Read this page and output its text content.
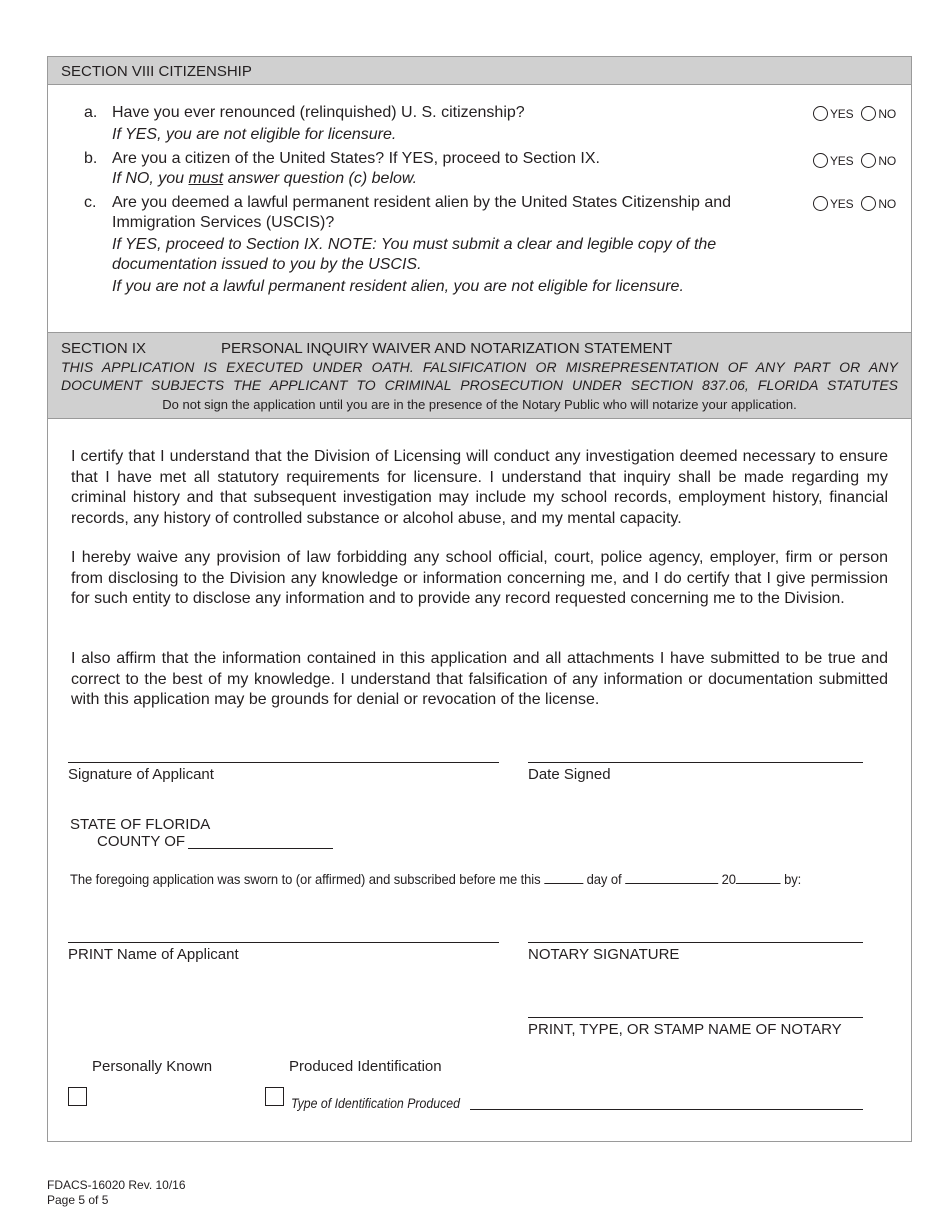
SECTION VIII CITIZENSHIP
a. Have you ever renounced (relinquished) U. S. citizenship?
If YES, you are not eligible for licensure.
YES NO
b. Are you a citizen of the United States? If YES, proceed to Section IX.
If NO, you must answer question (c) below.
YES NO
c. Are you deemed a lawful permanent resident alien by the United States Citizenship and Immigration Services (USCIS)?
If YES, proceed to Section IX. NOTE: You must submit a clear and legible copy of the documentation issued to you by the USCIS.
If you are not a lawful permanent resident alien, you are not eligible for licensure.
YES NO
SECTION IX	PERSONAL INQUIRY WAIVER AND NOTARIZATION STATEMENT
THIS APPLICATION IS EXECUTED UNDER OATH. FALSIFICATION OR MISREPRESENTATION OF ANY PART OR ANY
DOCUMENT SUBJECTS THE APPLICANT TO CRIMINAL PROSECUTION UNDER SECTION 837.06, FLORIDA STATUTES
Do not sign the application until you are in the presence of the Notary Public who will notarize your application.

I certify that I understand that the Division of Licensing will conduct any investigation deemed necessary to ensure that I have met all statutory requirements for licensure. I understand that inquiry shall be made regarding my criminal history and that subsequent investigation may include my school records, employment history, financial records, any history of controlled substance or alcohol abuse, and my mental capacity.

I hereby waive any provision of law forbidding any school official, court, police agency, employer, firm or person from disclosing to the Division any knowledge or information concerning me, and I do certify that I give permission for such entity to disclose any information and to provide any record requested concerning me to the Division.

I also affirm that the information contained in this application and all attachments I have submitted to be true and correct to the best of my knowledge. I understand that falsification of any information or documentation submitted with this application may be grounds for denial or revocation of the license.

Signature of Applicant	Date Signed
STATE OF FLORIDA
COUNTY OF
The foregoing application was sworn to (or affirmed) and subscribed before me this	day of	20	by:
PRINT Name of Applicant	NOTARY SIGNATURE
PRINT, TYPE, OR STAMP NAME OF NOTARY
Personally Known	Produced Identification
Type of Identification Produced
FDACS-16020 Rev. 10/16
Page 5 of 5
